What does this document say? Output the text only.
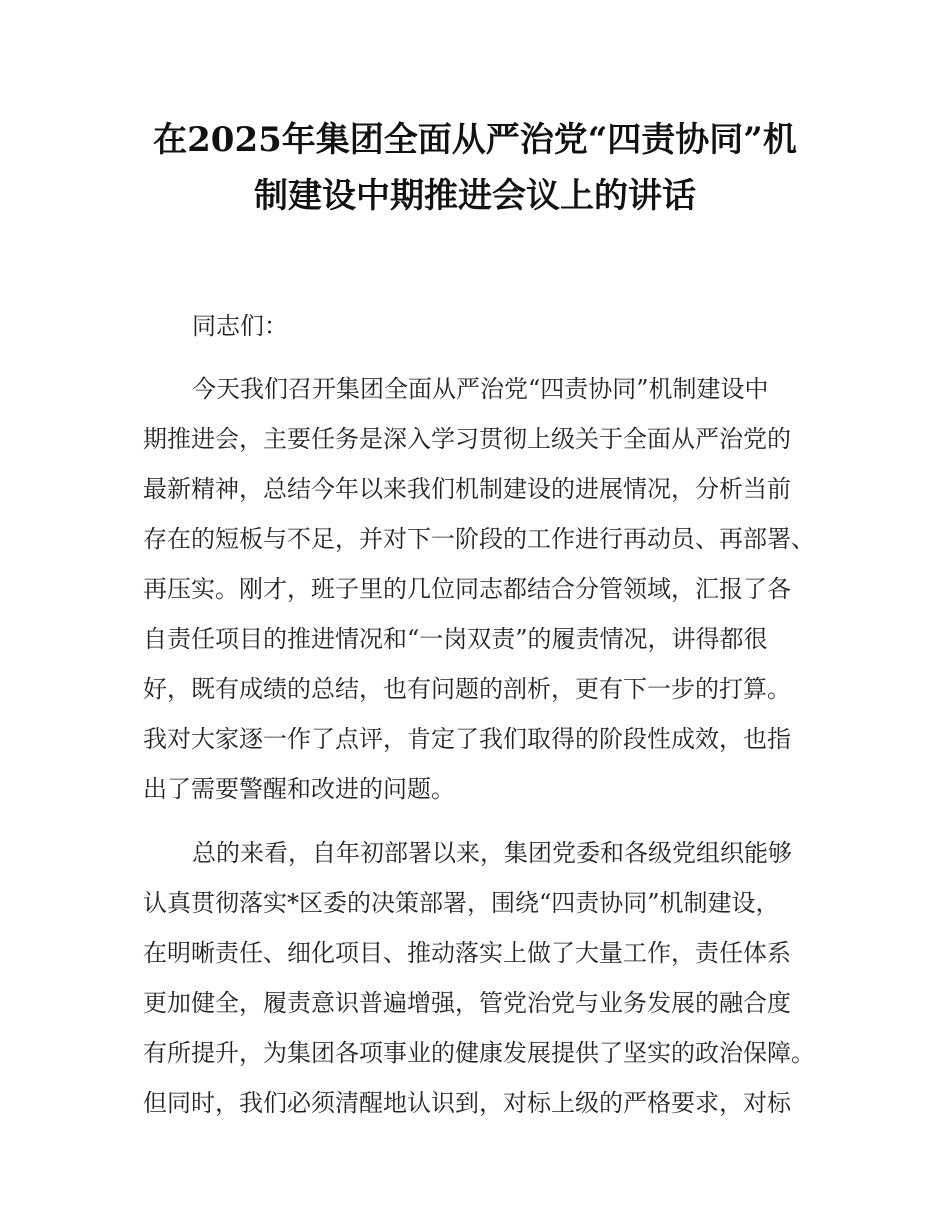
在2025年集团全面从严治党“四责协同”机
制建设中期推进会议上的讲话

同志们：

今天我们召开集团全面从严治党“四责协同”机制建设中

期推进会，主要任务是深入学习贯彻上级关于全面从严治党的

最新精神，总结今年以来我们机制建设的进展情况，分析当前

存在的短板与不足，并对下一阶段的工作进行再动员、再部署、

再压实。刚才，班子里的几位同志都结合分管领域，汇报了各

自责任项目的推进情况和“一岗双责”的履责情况，讲得都很

好，既有成绩的总结，也有问题的剖析，更有下一步的打算。

我对大家逐一作了点评，肯定了我们取得的阶段性成效，也指

出了需要警醒和改进的问题。

总的来看，自年初部署以来，集团党委和各级党组织能够

认真贯彻落实*区委的决策部署，围绕“四责协同”机制建设，

在明晰责任、细化项目、推动落实上做了大量工作，责任体系

更加健全，履责意识普遍增强，管党治党与业务发展的融合度

有所提升，为集团各项事业的健康发展提供了坚实的政治保障。

但同时，我们必须清醒地认识到，对标上级的严格要求，对标
